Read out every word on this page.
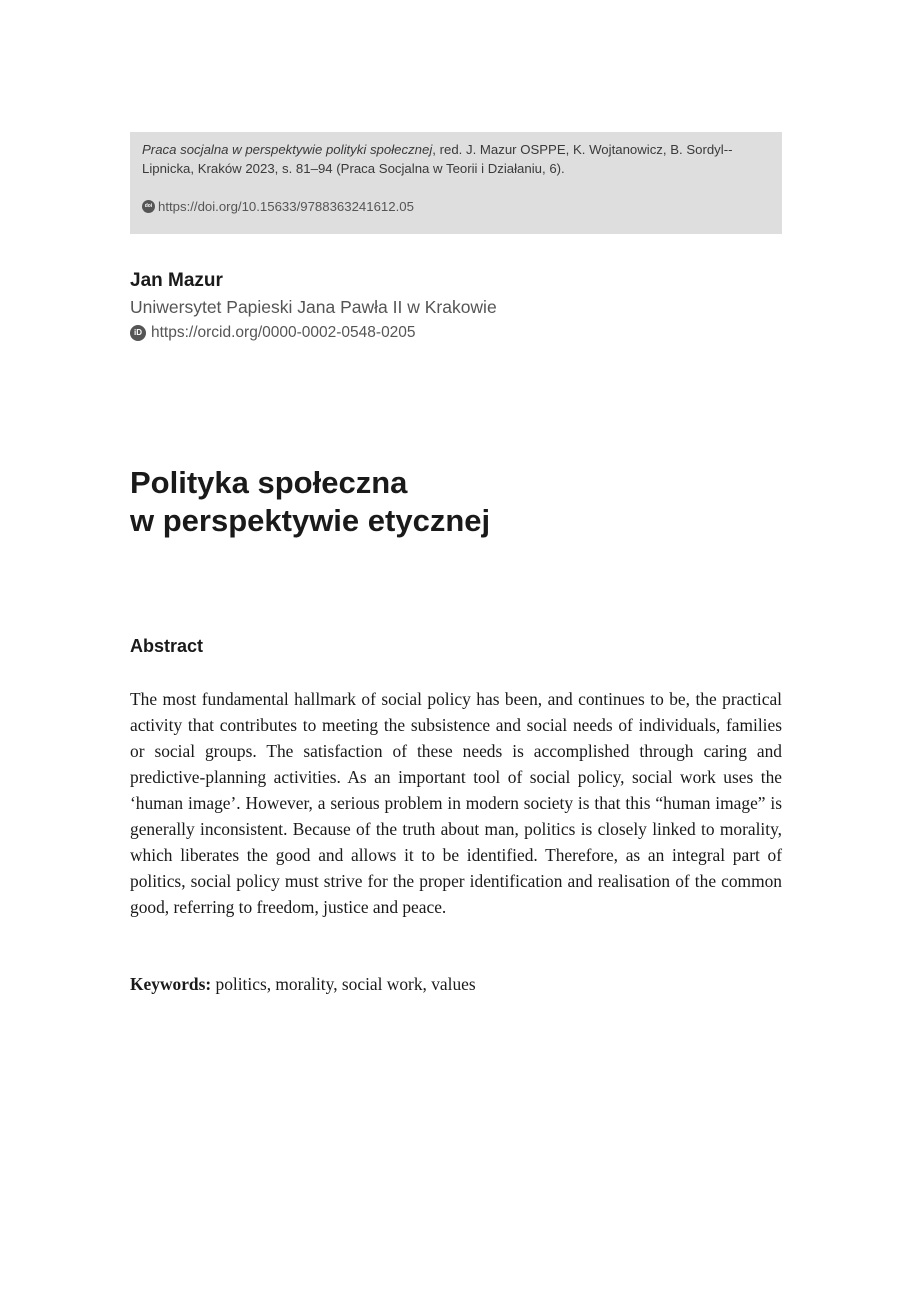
Praca socjalna w perspektywie polityki społecznej, red. J. Mazur OSPPE, K. Wojtanowicz, B. Sordyl--Lipnicka, Kraków 2023, s. 81–94 (Praca Socjalna w Teorii i Działaniu, 6).
doi https://doi.org/10.15633/9788363241612.05
Jan Mazur
Uniwersytet Papieski Jana Pawła II w Krakowie
iD https://orcid.org/0000-0002-0548-0205
Polityka społeczna
w perspektywie etycznej
Abstract

The most fundamental hallmark of social policy has been, and continues to be, the practical activity that contributes to meeting the subsistence and social needs of individuals, families or social groups. The satisfaction of these needs is accomplished through caring and predictive-planning activities. As an important tool of social policy, social work uses the ‘human image’. However, a serious problem in modern society is that this “human image” is generally inconsistent. Because of the truth about man, politics is closely linked to morality, which liberates the good and allows it to be identified. Therefore, as an integral part of politics, social policy must strive for the proper identification and realisation of the common good, referring to freedom, justice and peace.

Keywords: politics, morality, social work, values
